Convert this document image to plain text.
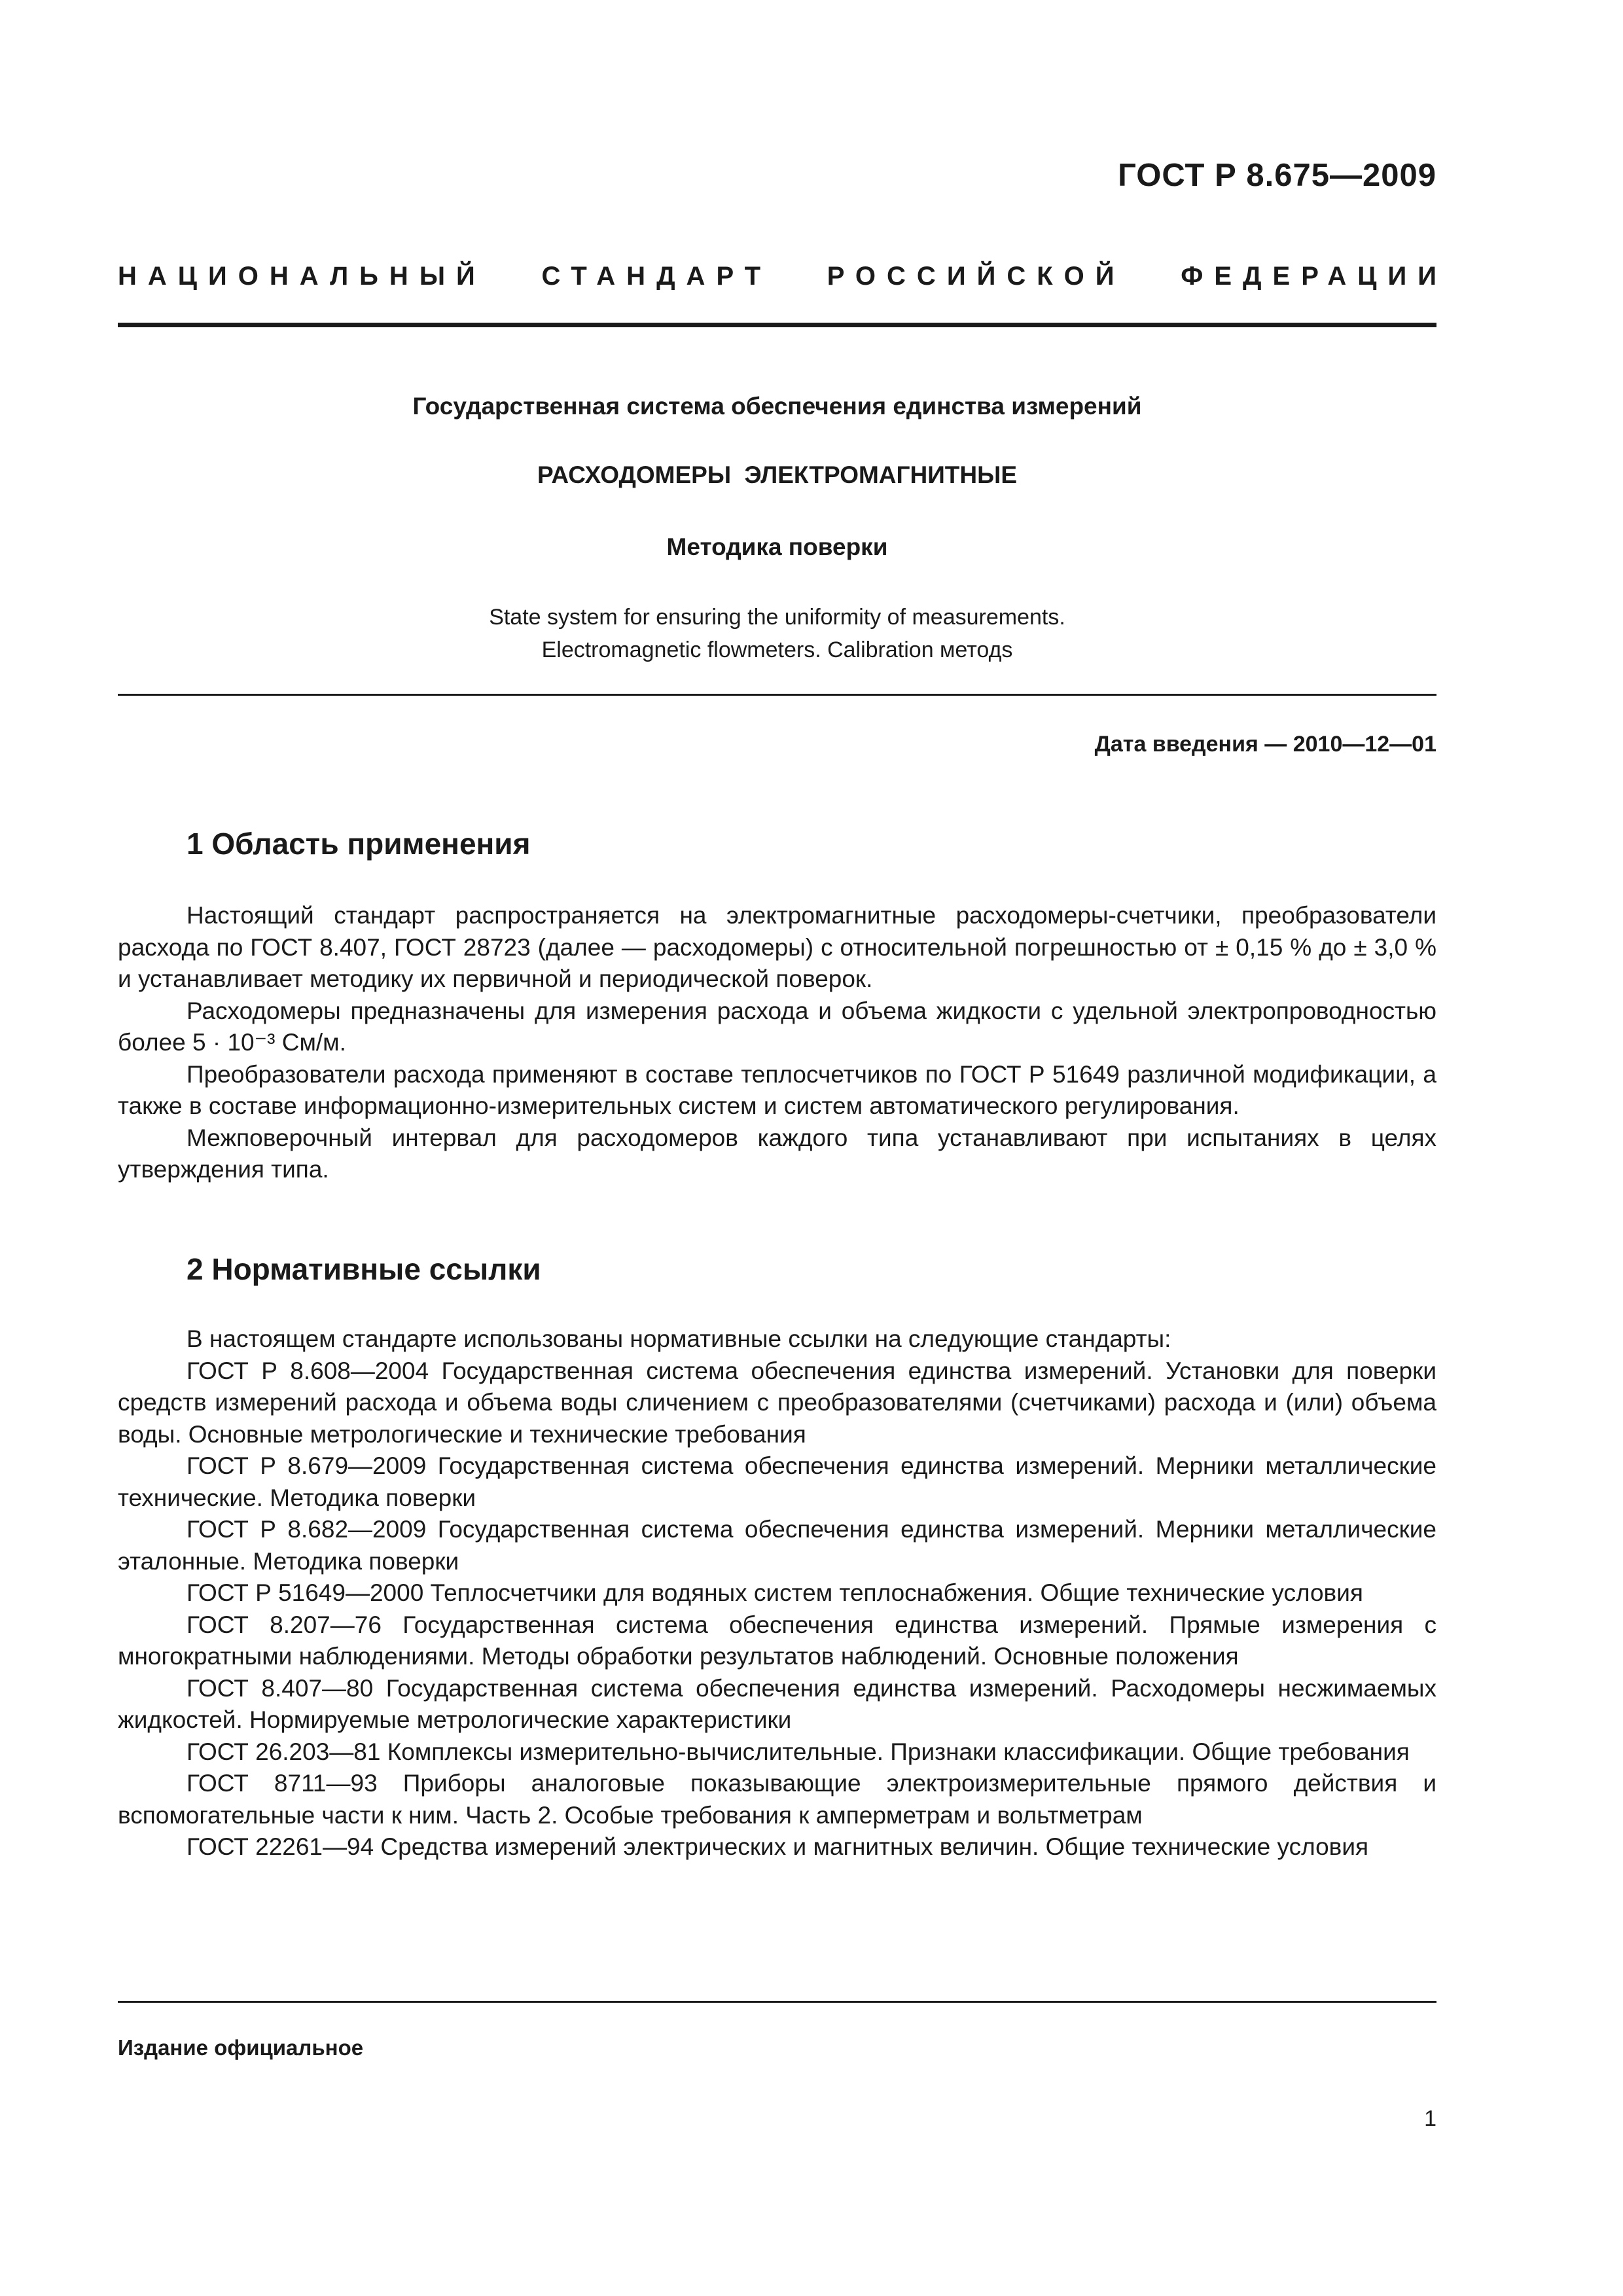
ГОСТ Р 8.675—2009
НАЦИОНАЛЬНЫЙ СТАНДАРТ РОССИЙСКОЙ ФЕДЕРАЦИИ
Государственная система обеспечения единства измерений
РАСХОДОМЕРЫ ЭЛЕКТРОМАГНИТНЫЕ
Методика поверки
State system for ensuring the uniformity of measurements.
Electromagnetic flowmeters. Calibration методs
Дата введения — 2010—12—01
1 Область применения

Настоящий стандарт распространяется на электромагнитные расходомеры-счетчики, преобразователи расхода по ГОСТ 8.407, ГОСТ 28723 (далее — расходомеры) с относительной погрешностью от ± 0,15 % до ± 3,0 % и устанавливает методику их первичной и периодической поверок.

Расходомеры предназначены для измерения расхода и объема жидкости с удельной электропроводностью более 5 · 10⁻³ См/м.

Преобразователи расхода применяют в составе теплосчетчиков по ГОСТ Р 51649 различной модификации, а также в составе информационно-измерительных систем и систем автоматического регулирования.

Межповерочный интервал для расходомеров каждого типа устанавливают при испытаниях в целях утверждения типа.

2 Нормативные ссылки

В настоящем стандарте использованы нормативные ссылки на следующие стандарты:

ГОСТ Р 8.608—2004 Государственная система обеспечения единства измерений. Установки для поверки средств измерений расхода и объема воды сличением с преобразователями (счетчиками) расхода и (или) объема воды. Основные метрологические и технические требования

ГОСТ Р 8.679—2009 Государственная система обеспечения единства измерений. Мерники металлические технические. Методика поверки

ГОСТ Р 8.682—2009 Государственная система обеспечения единства измерений. Мерники металлические эталонные. Методика поверки

ГОСТ Р 51649—2000 Теплосчетчики для водяных систем теплоснабжения. Общие технические условия

ГОСТ 8.207—76 Государственная система обеспечения единства измерений. Прямые измерения с многократными наблюдениями. Методы обработки результатов наблюдений. Основные положения

ГОСТ 8.407—80 Государственная система обеспечения единства измерений. Расходомеры несжимаемых жидкостей. Нормируемые метрологические характеристики

ГОСТ 26.203—81 Комплексы измерительно-вычислительные. Признаки классификации. Общие требования

ГОСТ 8711—93 Приборы аналоговые показывающие электроизмерительные прямого действия и вспомогательные части к ним. Часть 2. Особые требования к амперметрам и вольтметрам

ГОСТ 22261—94 Средства измерений электрических и магнитных величин. Общие технические условия

Издание официальное
1
